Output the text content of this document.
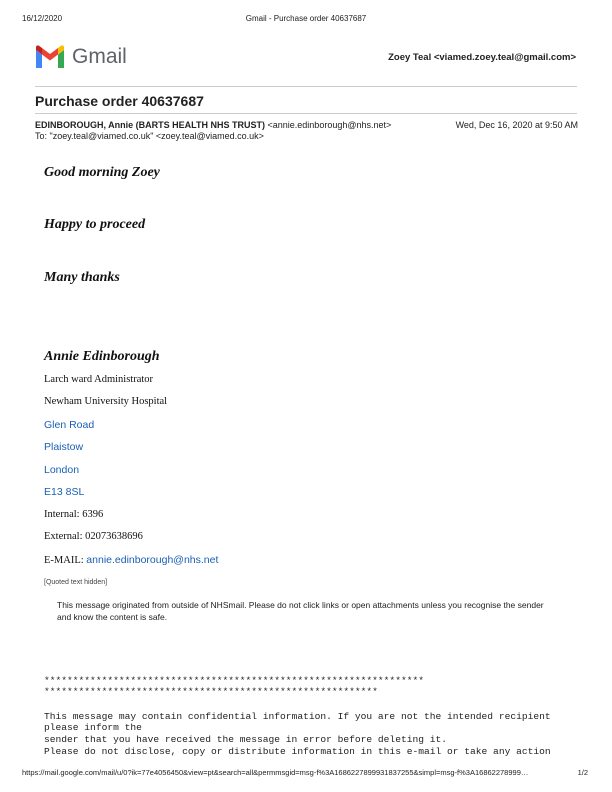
16/12/2020	Gmail - Purchase order 40637687
Gmail	Zoey Teal <viamed.zoey.teal@gmail.com>
Purchase order 40637687
EDINBOROUGH, Annie (BARTS HEALTH NHS TRUST) <annie.edinborough@nhs.net>	Wed, Dec 16, 2020 at 9:50 AM
To: "zoey.teal@viamed.co.uk" <zoey.teal@viamed.co.uk>
Good morning Zoey
Happy to proceed
Many thanks
Annie Edinborough
Larch ward Administrator
Newham University Hospital
Glen Road
Plaistow
London
E13 8SL
Internal: 6396
External: 02073638696
E-MAIL: annie.edinborough@nhs.net
[Quoted text hidden]
This message originated from outside of NHSmail. Please do not click links or open attachments unless you recognise the sender and know the content is safe.
******************************************************************
**********************************************************
This message may contain confidential information. If you are not the intended recipient
please inform the
sender that you have received the message in error before deleting it.
Please do not disclose, copy or distribute information in this e-mail or take any action
https://mail.google.com/mail/u/0?ik=77e4056450&view=pt&search=all&permmsgid=msg-f%3A1686227899931837255&simpl=msg-f%3A16862278999…	1/2
